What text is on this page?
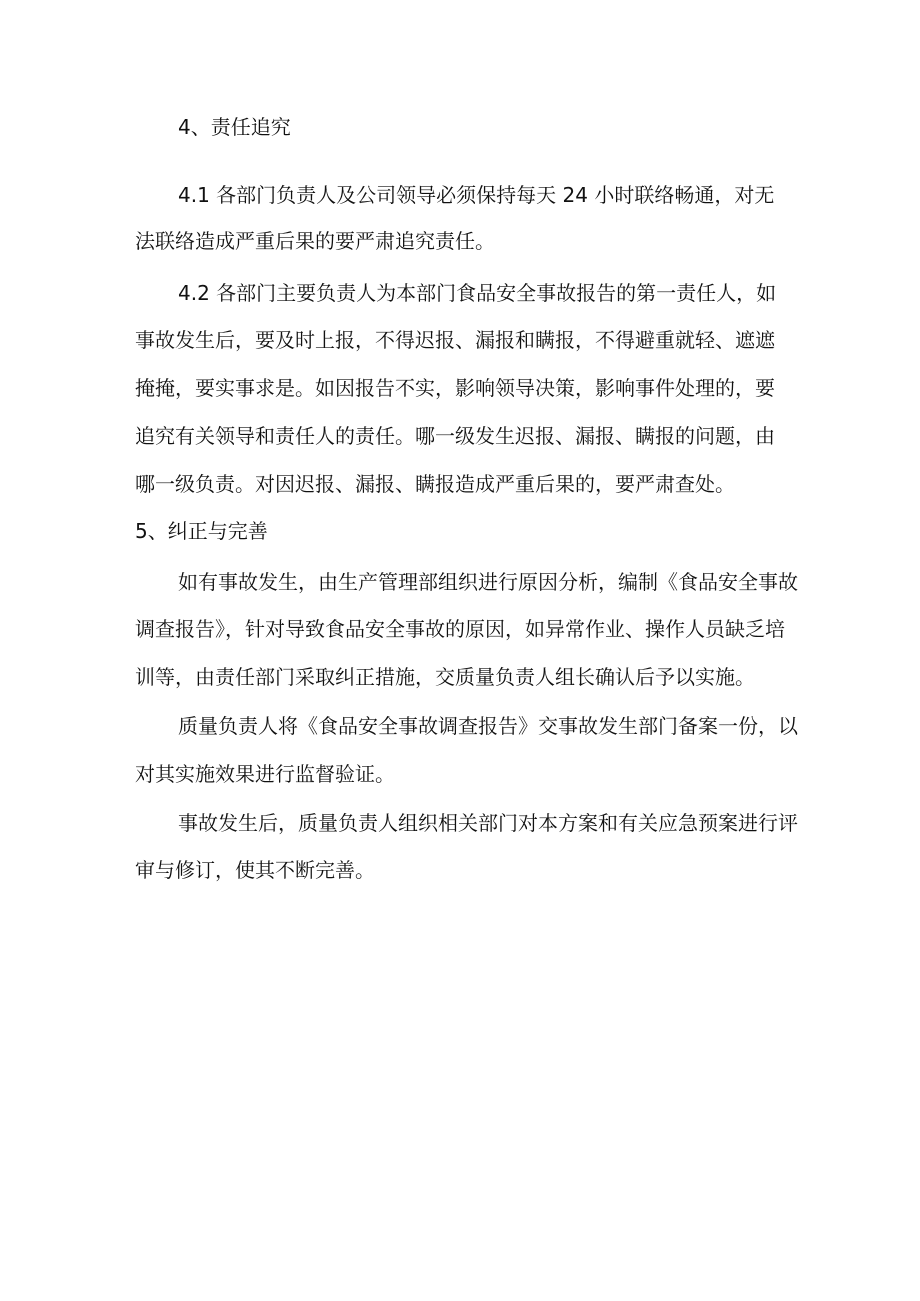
4、责任追究
4.1 各部门负责人及公司领导必须保持每天 24 小时联络畅通，对无
法联络造成严重后果的要严肃追究责任。
4.2 各部门主要负责人为本部门食品安全事故报告的第一责任人，如
事故发生后，要及时上报，不得迟报、漏报和瞒报，不得避重就轻、遮遮
掩掩，要实事求是。如因报告不实，影响领导决策，影响事件处理的，要
追究有关领导和责任人的责任。哪一级发生迟报、漏报、瞒报的问题，由
哪一级负责。对因迟报、漏报、瞒报造成严重后果的，要严肃查处。
5、纠正与完善
如有事故发生，由生产管理部组织进行原因分析，编制《食品安全事故
调查报告》，针对导致食品安全事故的原因，如异常作业、操作人员缺乏培
训等，由责任部门采取纠正措施，交质量负责人组长确认后予以实施。
质量负责人将《食品安全事故调查报告》交事故发生部门备案一份，以
对其实施效果进行监督验证。
事故发生后，质量负责人组织相关部门对本方案和有关应急预案进行评
审与修订，使其不断完善。
